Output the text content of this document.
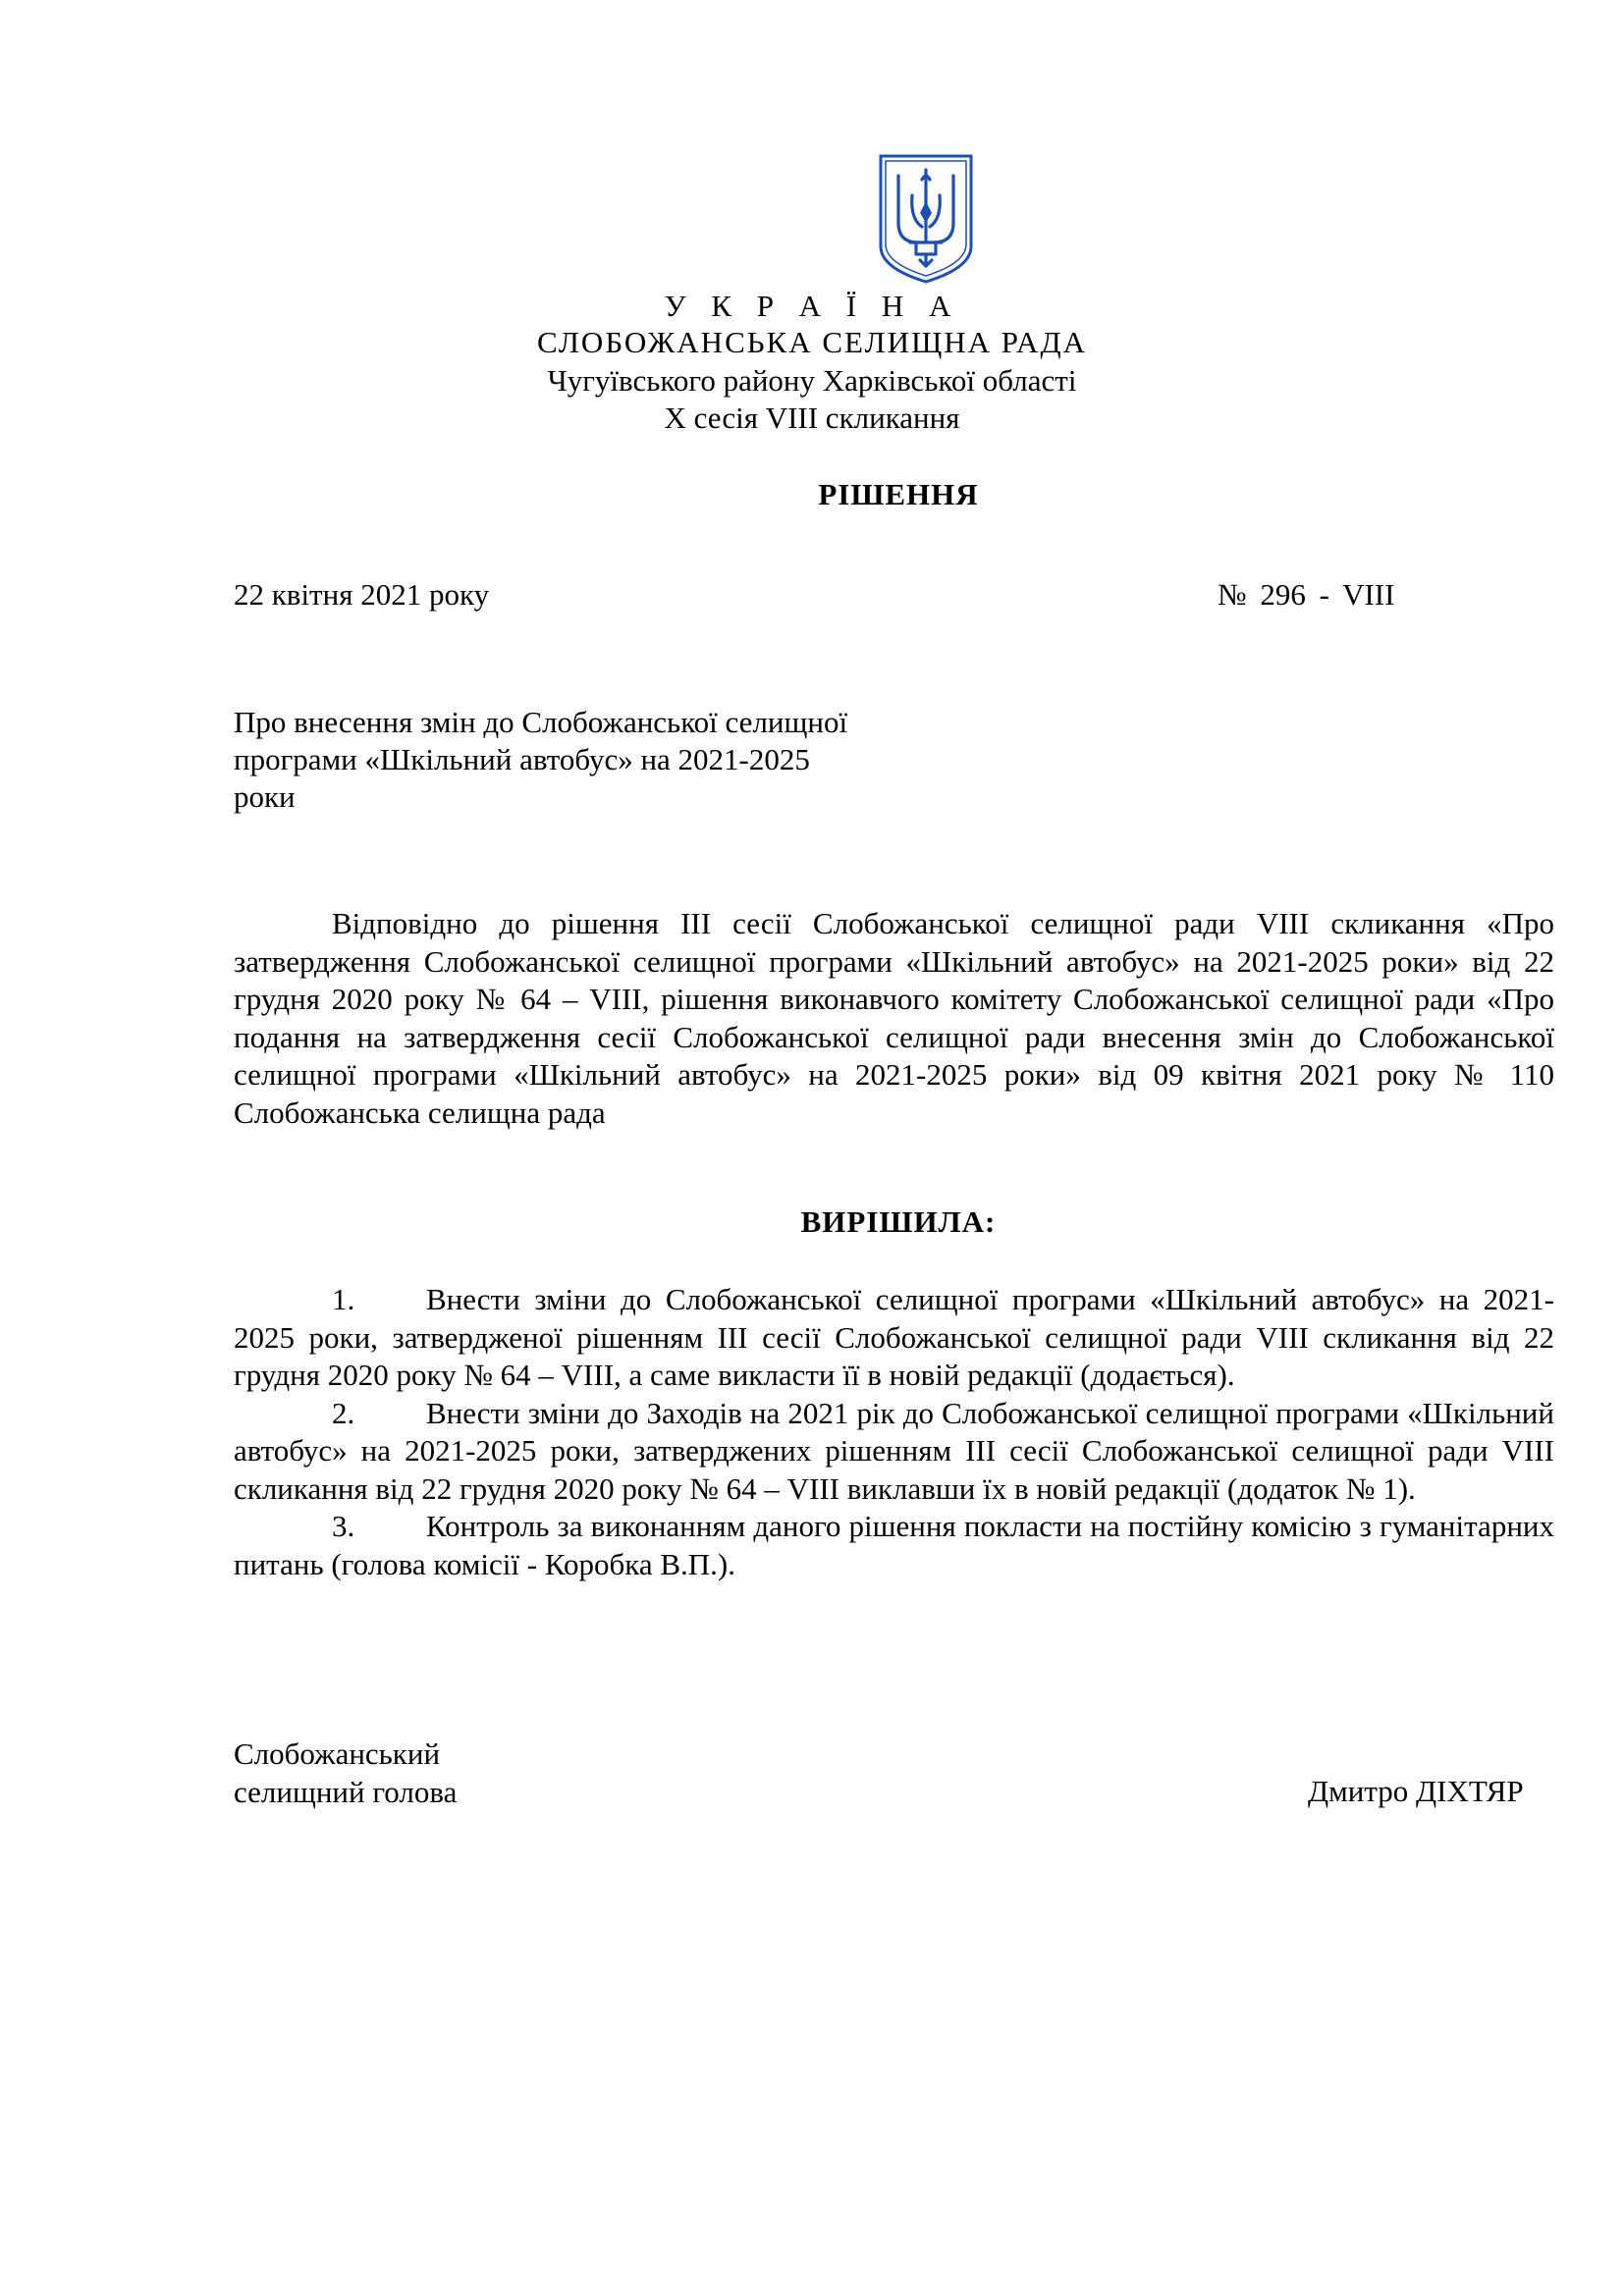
У К Р А Ї Н А
СЛОБОЖАНСЬКА СЕЛИЩНА РАДА
Чугуївського району Харківської області
X сесія VIII скликання
РІШЕННЯ
22 квітня 2021 року	№ 296 - VIII
Про внесення змін до Слобожанської селищної
програми «Шкільний автобус» на 2021-2025
роки
Відповідно до рішення III сесії Слобожанської селищної ради VIII скликання «Про затвердження Слобожанської селищної програми «Шкільний автобус» на 2021-2025 роки» від 22 грудня 2020 року № 64 – VIII, рішення виконавчого комітету Слобожанської селищної ради «Про подання на затвердження сесії Слобожанської селищної ради внесення змін до Слобожанської селищної програми «Шкільний автобус» на 2021-2025 роки» від 09 квітня 2021 року № 110 Слобожанська селищна рада
ВИРІШИЛА:

1. Внести зміни до Слобожанської селищної програми «Шкільний автобус» на 2021-2025 роки, затвердженої рішенням III сесії Слобожанської селищної ради VIII скликання від 22 грудня 2020 року № 64 – VIII, а саме викласти її в новій редакції (додається).

2. Внести зміни до Заходів на 2021 рік до Слобожанської селищної програми «Шкільний автобус» на 2021-2025 роки, затверджених рішенням III сесії Слобожанської селищної ради VIII скликання від 22 грудня 2020 року № 64 – VIII виклавши їх в новій редакції (додаток № 1).

3. Контроль за виконанням даного рішення покласти на постійну комісію з гуманітарних питань (голова комісії - Коробка В.П.).

Слобожанський
селищний голова	Дмитро ДІХТЯР
